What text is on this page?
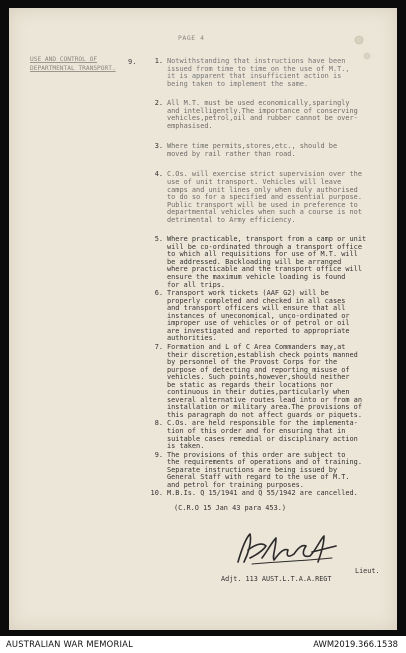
PAGE 4
USE AND CONTROL OF DEPARTMENTAL TRANSPORT.
9.	1. Notwithstanding that instructions have been
issued from time to time on the use of M.T.,
it is apparent that insufficient action is
being taken to implement the same.
2. All M.T. must be used economically,sparingly
and intelligently.The importance of conserving
vehicles,petrol,oil and rubber cannot be over-
emphasised.
3. Where time permits,stores,etc., should be
moved by rail rather than road.
4. C.Os. will exercise strict supervision over the
use of unit transport. Vehicles will leave
camps and unit lines only when duly authorised
to do so for a specified and essential purpose.
Public transport will be used in preference to
departmental vehicles when such a course is not
detrimental to Army efficiency.
5. Where practicable, transport from a camp or unit
will be co-ordinated through a transport office
to which all requisitions for use of M.T. will
be addressed. Backloading will be arranged
where practicable and the transport office will
ensure the maximum vehicle loading is found
for all trips.
6. Transport work tickets (AAF G2) will be
properly completed and checked in all cases
and transport officers will ensure that all
instances of uneconomical, unco-ordinated or
improper use of vehicles or of petrol or oil
are investigated and reported to appropriate
authorities.
7. Formation and L of C Area Commanders may,at
their discretion,establish check points manned
by personnel of the Provost Corps for the
purpose of detecting and reporting misuse of
vehicles. Such points,however,should neither
be static as regards their locations nor
continuous in their duties,particularly when
several alternative routes lead into or from an
installation or military area.The provisions of
this paragraph do not affect guards or piquets.
8. C.Os. are held responsible for the implementa-
tion of this order and for ensuring that in
suitable cases remedial or disciplinary action
is taken.
9. The provisions of this order are subject to
the requirements of operations and of training.
Separate instructions are being issued by
General Staff with regard to the use of M.T.
and petrol for training purposes.
10. M.B.Is. Q 15/1941 and Q 55/1942 are cancelled.
(C.R.O 15 Jan 43 para 453.)
Lieut.
Adjt. 113 AUST.L.T.A.A.REGT
AUSTRALIAN WAR MEMORIAL	AWM2019.366.1538
